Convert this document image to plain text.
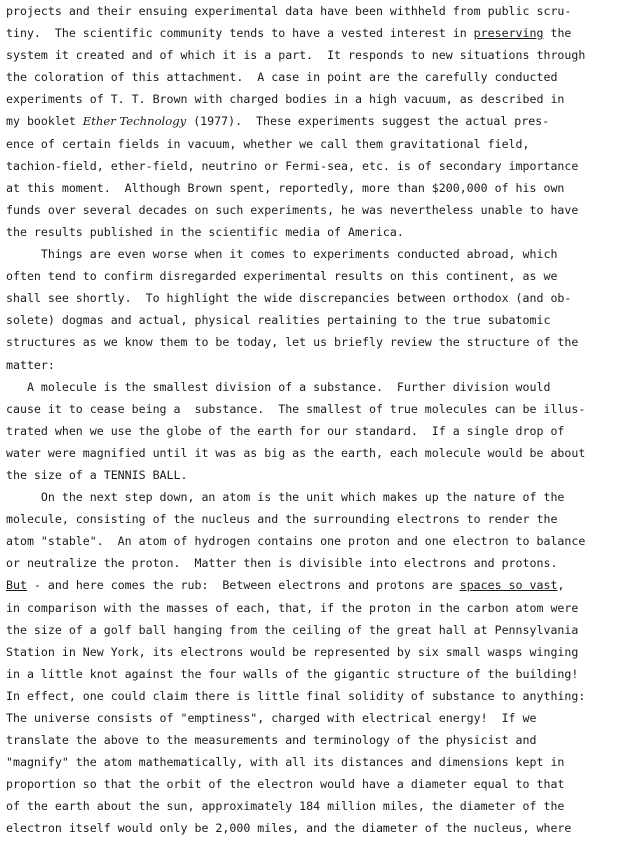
projects and their ensuing experimental data have been withheld from public scru-
tiny.  The scientific community tends to have a vested interest in preserving the
system it created and of which it is a part.  It responds to new situations through
the coloration of this attachment.  A case in point are the carefully conducted
experiments of T. T. Brown with charged bodies in a high vacuum, as described in
my booklet Ether Technology (1977).  These experiments suggest the actual pres-
ence of certain fields in vacuum, whether we call them gravitational field,
tachion-field, ether-field, neutrino or Fermi-sea, etc. is of secondary importance
at this moment.  Although Brown spent, reportedly, more than $200,000 of his own
funds over several decades on such experiments, he was nevertheless unable to have
the results published in the scientific media of America.
Things are even worse when it comes to experiments conducted abroad, which
often tend to confirm disregarded experimental results on this continent, as we
shall see shortly.  To highlight the wide discrepancies between orthodox (and ob-
solete) dogmas and actual, physical realities pertaining to the true subatomic
structures as we know them to be today, let us briefly review the structure of the
matter:
A molecule is the smallest division of a substance.  Further division would
cause it to cease being a  substance.  The smallest of true molecules can be illus-
trated when we use the globe of the earth for our standard.  If a single drop of
water were magnified until it was as big as the earth, each molecule would be about
the size of a TENNIS BALL.
On the next step down, an atom is the unit which makes up the nature of the
molecule, consisting of the nucleus and the surrounding electrons to render the
atom "stable".  An atom of hydrogen contains one proton and one electron to balance
or neutralize the proton.  Matter then is divisible into electrons and protons.
But - and here comes the rub:  Between electrons and protons are spaces so vast,
in comparison with the masses of each, that, if the proton in the carbon atom were
the size of a golf ball hanging from the ceiling of the great hall at Pennsylvania
Station in New York, its electrons would be represented by six small wasps winging
in a little knot against the four walls of the gigantic structure of the building!
In effect, one could claim there is little final solidity of substance to anything:
The universe consists of "emptiness", charged with electrical energy!  If we
translate the above to the measurements and terminology of the physicist and
"magnify" the atom mathematically, with all its distances and dimensions kept in
proportion so that the orbit of the electron would have a diameter equal to that
of the earth about the sun, approximately 184 million miles, the diameter of the
electron itself would only be 2,000 miles, and the diameter of the nucleus, where
